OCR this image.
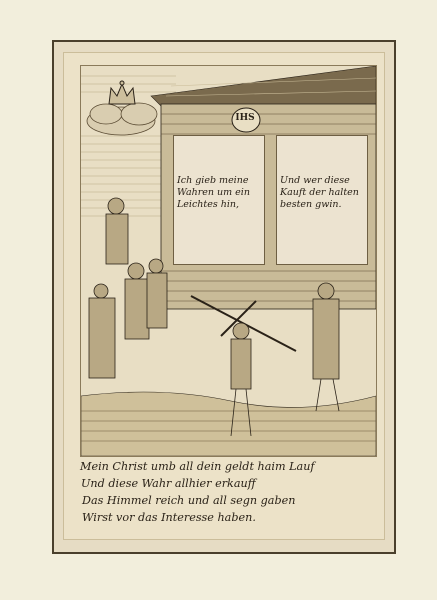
IHS
Ich gieb meine
Wahren um ein
Leichtes hin,
Und wer diese
Kauft der halten
besten gwin.
Mein Christ umb all dein geldt haim Lauf
Und diese Wahr allhier erkauff
Das Himmel reich und all segn gaben
Wirst vor das Interesse haben.
